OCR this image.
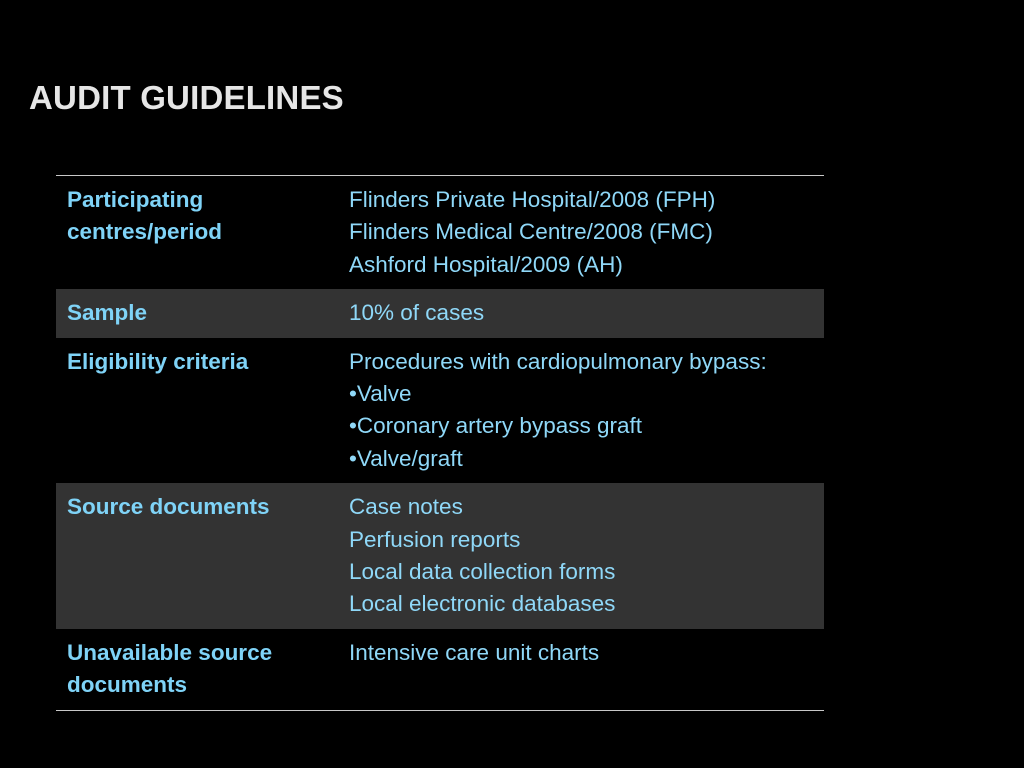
AUDIT GUIDELINES
Participating centres/period	Flinders Private Hospital/2008 (FPH)
Flinders Medical Centre/2008 (FMC)
Ashford Hospital/2009 (AH)

Sample	10% of cases

Eligibility criteria	Procedures with cardiopulmonary bypass:
•Valve
•Coronary artery bypass graft
•Valve/graft

Source documents	Case notes
Perfusion reports
Local data collection forms
Local electronic databases

Unavailable source documents	Intensive care unit charts
